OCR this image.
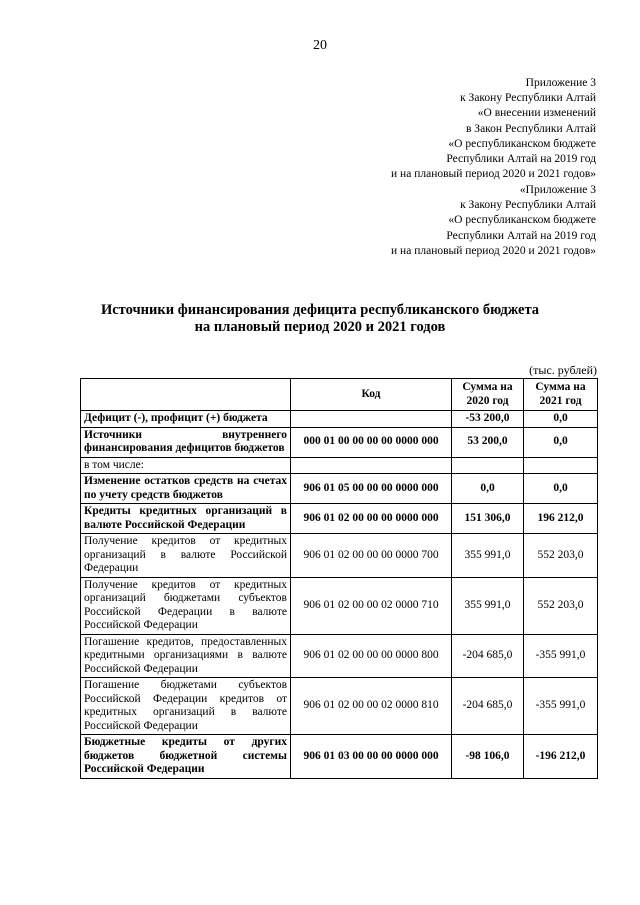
20
Приложение 3
к Закону Республики Алтай
«О внесении изменений
в Закон Республики Алтай
«О республиканском бюджете
Республики Алтай на 2019 год
и на плановый период 2020 и 2021 годов»
«Приложение 3
к Закону Республики Алтай
«О республиканском бюджете
Республики Алтай на 2019 год
и на плановый период 2020 и 2021 годов»
Источники финансирования дефицита республиканского бюджета
на плановый период 2020 и 2021 годов
(тыс. рублей)
	Код	Сумма на 2020 год	Сумма на 2021 год
Дефицит (-), профицит (+) бюджета		-53 200,0	0,0
Источники внутреннего финансирования дефицитов бюджетов	000 01 00 00 00 00 0000 000	53 200,0	0,0
в том числе:			
Изменение остатков средств на счетах по учету средств бюджетов	906 01 05 00 00 00 0000 000	0,0	0,0
Кредиты кредитных организаций в валюте Российской Федерации	906 01 02 00 00 00 0000 000	151 306,0	196 212,0
Получение кредитов от кредитных организаций в валюте Российской Федерации	906 01 02 00 00 00 0000 700	355 991,0	552 203,0
Получение кредитов от кредитных организаций бюджетами субъектов Российской Федерации в валюте Российской Федерации	906 01 02 00 00 02 0000 710	355 991,0	552 203,0
Погашение кредитов, предоставленных кредитными организациями в валюте Российской Федерации	906 01 02 00 00 00 0000 800	-204 685,0	-355 991,0
Погашение бюджетами субъектов Российской Федерации кредитов от кредитных организаций в валюте Российской Федерации	906 01 02 00 00 02 0000 810	-204 685,0	-355 991,0
Бюджетные кредиты от других бюджетов бюджетной системы Российской Федерации	906 01 03 00 00 00 0000 000	-98 106,0	-196 212,0
